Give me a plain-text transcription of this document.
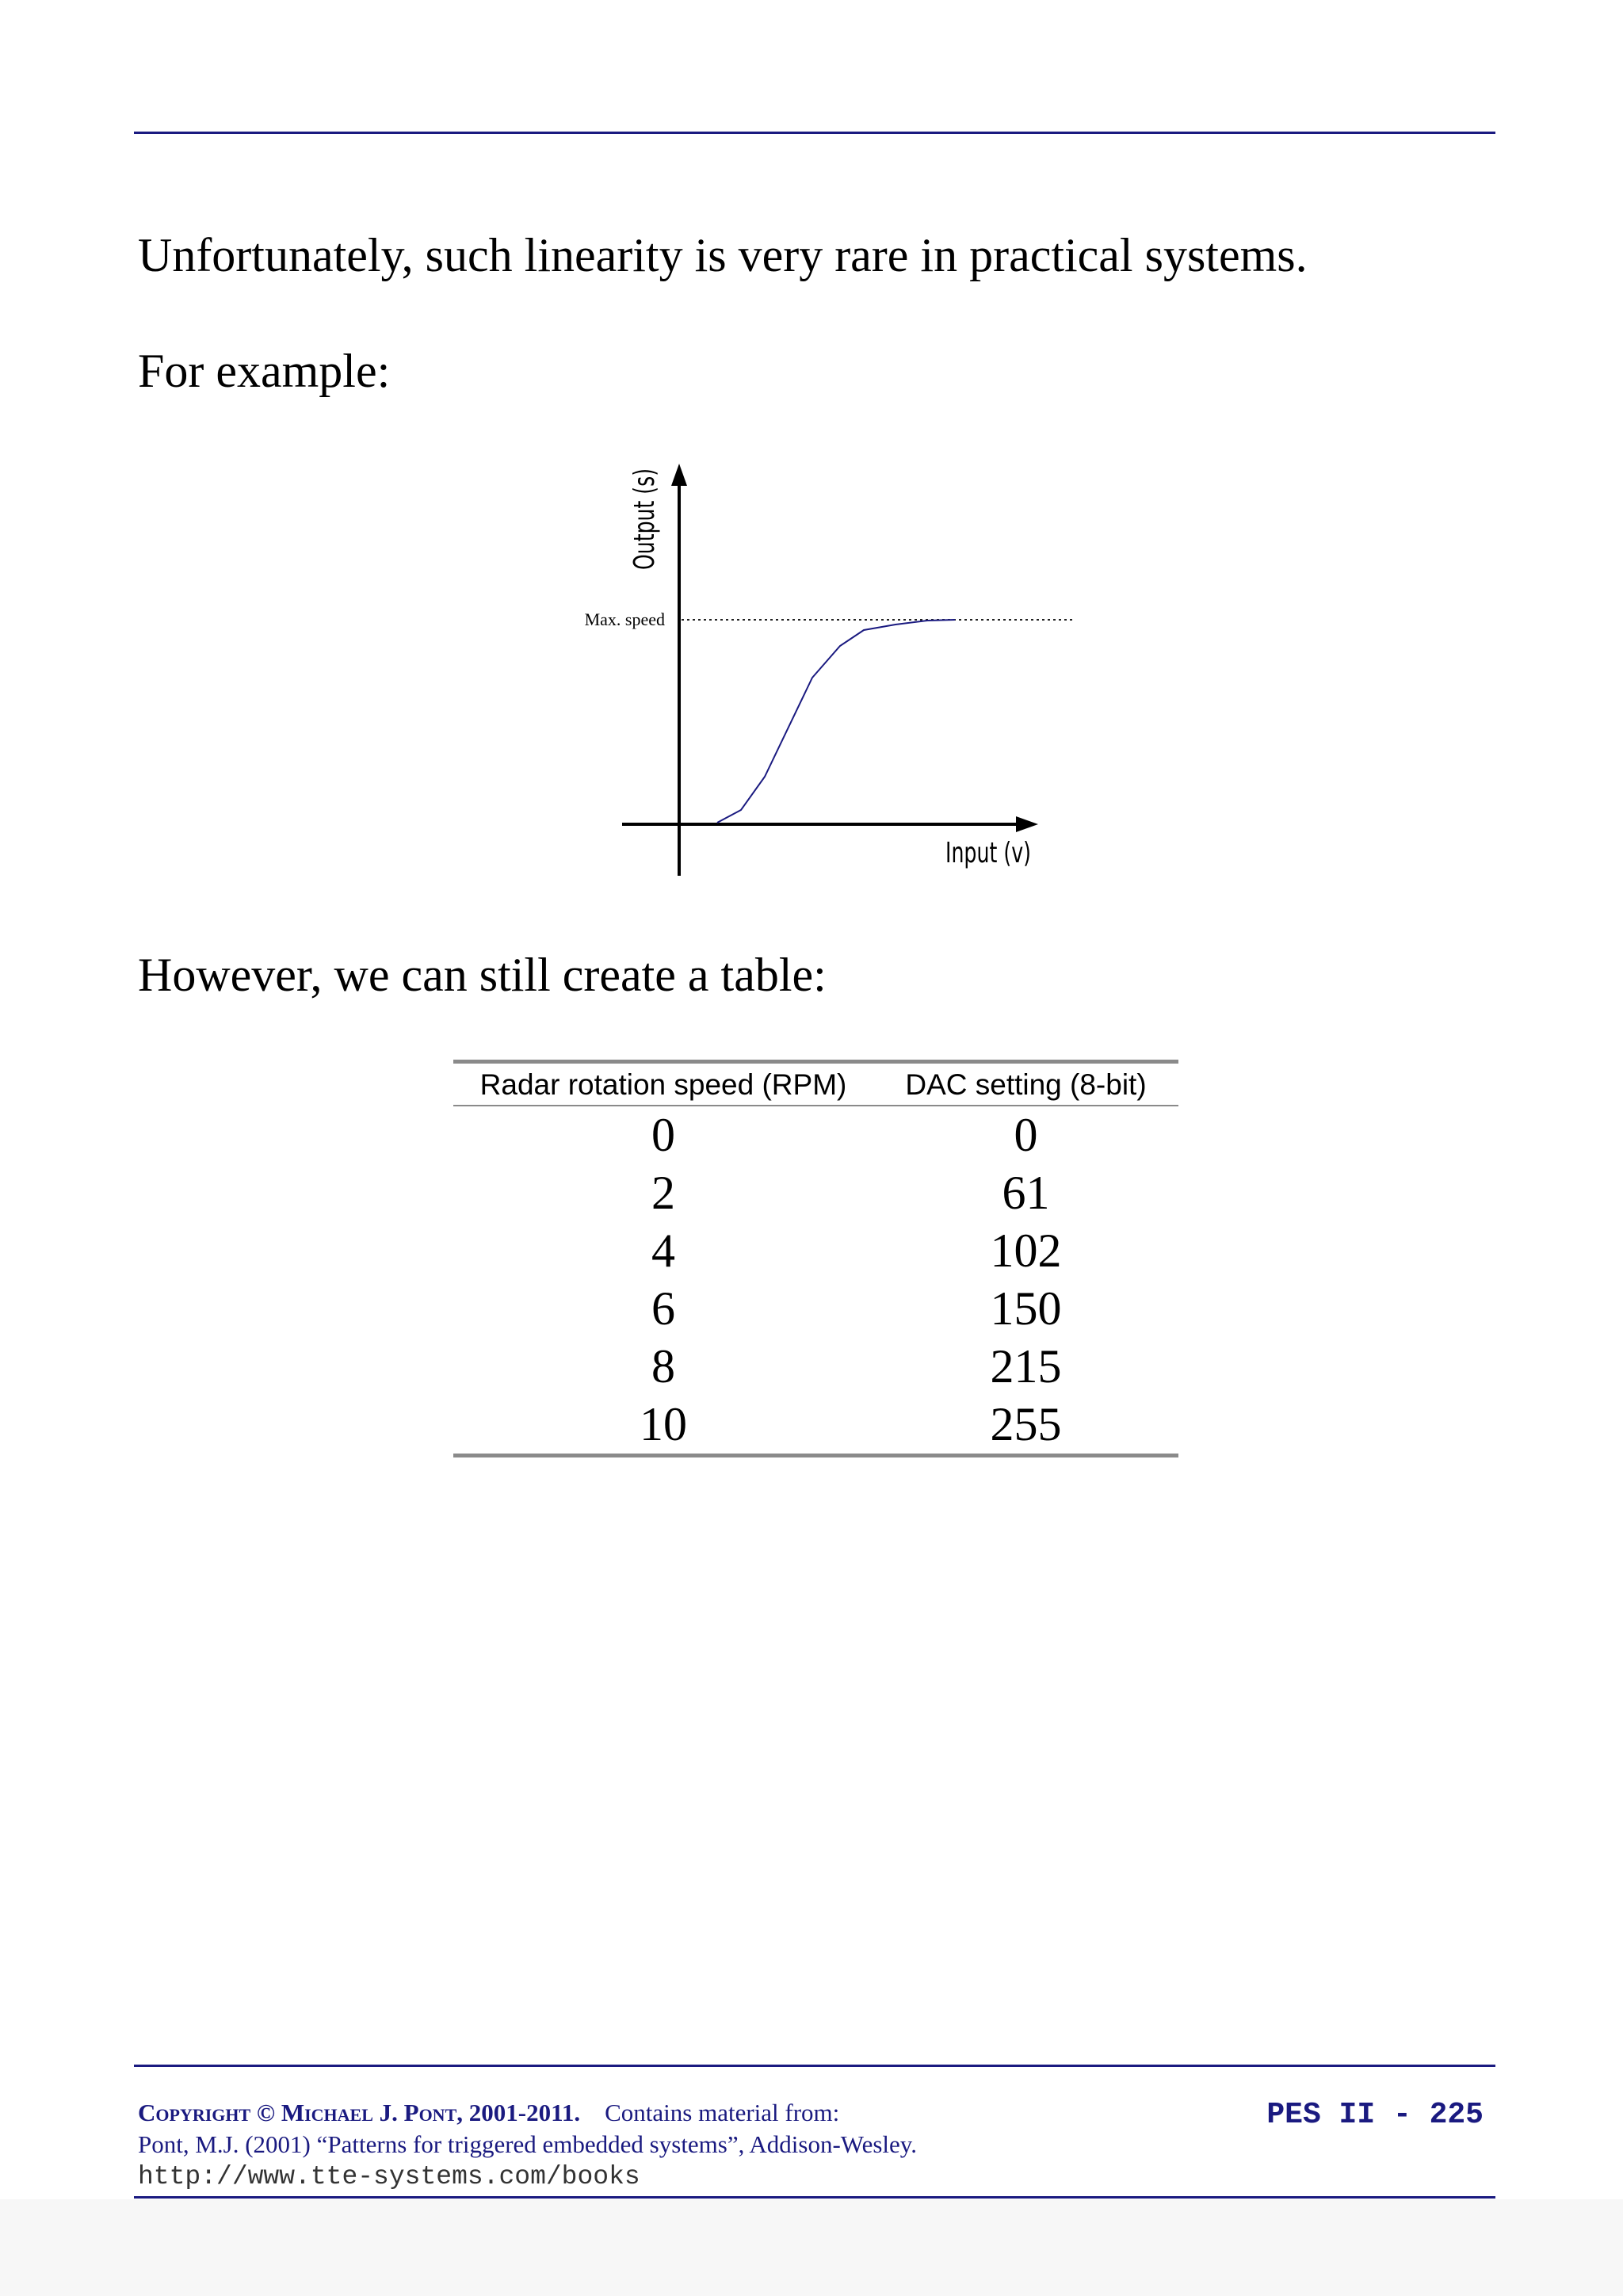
Unfortunately, such linearity is very rare in practical systems.
For example:
Max. speed
Output (s)
Input (v)
However, we can still create a table:
Radar rotation speed (RPM)	DAC setting (8-bit)
0	0
2	61
4	102
6	150
8	215
10	255
Copyright © Michael J. Pont, 2001-2011. Contains material from:
Pont, M.J. (2001) “Patterns for triggered embedded systems”, Addison-Wesley.
http://www.tte-systems.com/books
PES II - 225
